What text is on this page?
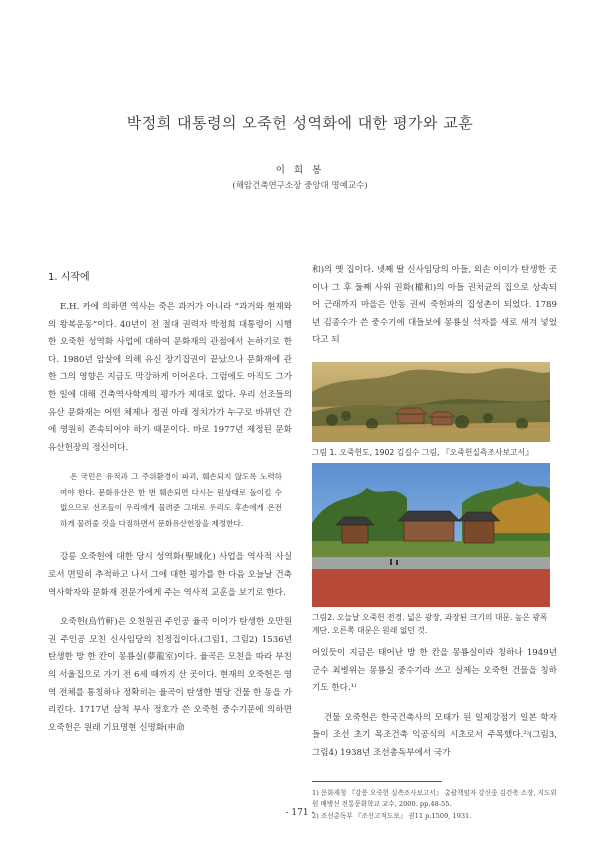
박정희 대통령의 오죽헌 성역화에 대한 평가와 교훈
이 희 봉
(해암건축연구소장 중앙대 명예교수)
1. 시작에

E.H. 카에 의하면 역사는 죽은 과거가 아니라 “과거와 현재와의 왕복운동”이다. 40년이 전 절대 권력자 박정희 대통령이 시행한 오죽헌 성역화 사업에 대하여 문화재의 관점에서 논하기로 한다. 1980년 암살에 의해 유신 장기집권이 끝났으나 문화재에 관한 그의 영향은 지금도 막강하게 이어온다. 그럼에도 아직도 그가 한 일에 대해 건축역사학계의 평가가 제대로 없다. 우리 선조들의 유산 문화재는 어떤 체제나 정권 아래 정치가가 누구로 바뀌던 간에 영원히 존속되어야 하기 때문이다. 바로 1977년 제정된 문화유산헌장의 정신이다.

온 국민은 유적과 그 주위환경이 파괴, 훼손되지 않도록 노력하여야 한다. 문화유산은 한 번 훼손되면 다시는 원상태로 돌이킬 수 없으므로 선조들이 우리에게 물려준 그대로 우리도 후손에게 온전하게 물려줄 것을 다짐하면서 문화유산헌장을 제정한다.

강릉 오죽헌에 대한 당시 성역화(聖域化) 사업을 역사적 사실로서 면밀히 추적하고 나서 그에 대한 평가를 한 다음 오늘날 건축역사학자와 문화재 전문가에게 주는 역사적 교훈을 보기로 한다.

오죽헌(烏竹軒)은 오천원권 주인공 율곡 이이가 탄생한 오만원권 주인공 모친 신사임당의 친정집이다.(그림1, 그림2) 1536년 탄생한 방 한 칸이 몽룡실(夢龍室)이다. 율곡은 모친을 따라 부친의 서울집으로 가기 전 6세 때까지 산 곳이다. 현재의 오죽헌은 영역 전체를 통칭하나 정확히는 율곡이 탄생한 별당 건물 한 동을 가리킨다. 1717년 삼척 부사 정호가 쓴 오죽헌 중수기문에 의하면 오죽헌은 원래 기묘명현 신명화(申命

和)의 옛 집이다. 넷째 딸 신사임당의 아들, 외손 이이가 탄생한 곳이나 그 후 둘째 사위 권화(權和)의 아들 권처균의 집으로 상속되어 근래까지 마을은 안동 권씨 죽헌파의 집성촌이 되었다. 1789년 김종수가 쓴 중수기에 대들보에 몽룡실 석자를 새로 새겨 넣었다고 되

그림 1. 오죽헌도, 1902 김길수 그림, 『오죽헌실측조사보고서』
그림2. 오늘날 오죽헌 전경. 넓은 광장, 과장된 크기의 대문. 높은 광폭 계단. 오른쪽 대문은 원래 없던 것.

어있듯이 지금은 태어난 방 한 칸을 몽룡실이라 칭하나 1949년 군수 최병위는 몽룡실 중수기라 쓰고 실제는 오죽헌 건물을 칭하기도 한다.¹⁾

건물 오죽헌은 한국건축사의 모태가 된 일제강점기 일본 학자들이 조선 초기 목조건축 익공식의 시초로서 주목했다.²⁾(그림3, 그림4) 1938년 조선총독부에서 국가

1) 문화재청 『강릉 오죽헌 실측조사보고서』 총괄책임자 강신중 김건축 소장, 지도위원 배병선 전통문화학교 교수, 2000. pp.48-55.

2) 조선총독부 『조선고적도보』 권11 p.1509, 1931.

- 171 -
